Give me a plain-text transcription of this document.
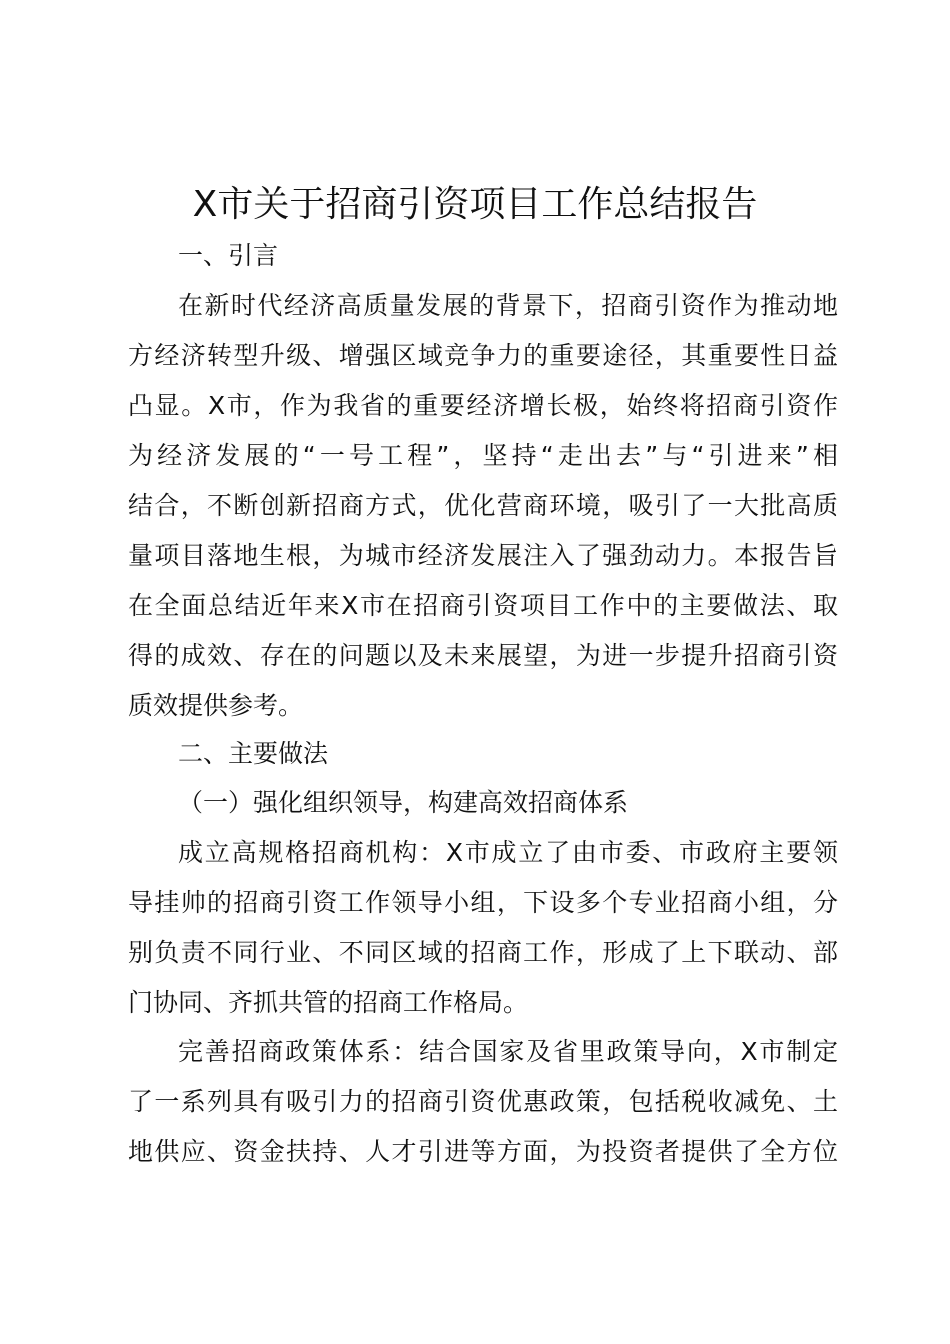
X市关于招商引资项目工作总结报告
一、引言
在新时代经济高质量发展的背景下，招商引资作为推动地
方经济转型升级、增强区域竞争力的重要途径，其重要性日益
凸显。X市，作为我省的重要经济增长极，始终将招商引资作
为经济发展的“一号工程”，坚持“走出去”与“引进来”相
结合，不断创新招商方式，优化营商环境，吸引了一大批高质
量项目落地生根，为城市经济发展注入了强劲动力。本报告旨
在全面总结近年来X市在招商引资项目工作中的主要做法、取
得的成效、存在的问题以及未来展望，为进一步提升招商引资
质效提供参考。
二、主要做法
（一）强化组织领导，构建高效招商体系
成立高规格招商机构：X市成立了由市委、市政府主要领
导挂帅的招商引资工作领导小组，下设多个专业招商小组，分
别负责不同行业、不同区域的招商工作，形成了上下联动、部
门协同、齐抓共管的招商工作格局。
完善招商政策体系：结合国家及省里政策导向，X市制定
了一系列具有吸引力的招商引资优惠政策，包括税收减免、土
地供应、资金扶持、人才引进等方面，为投资者提供了全方位
